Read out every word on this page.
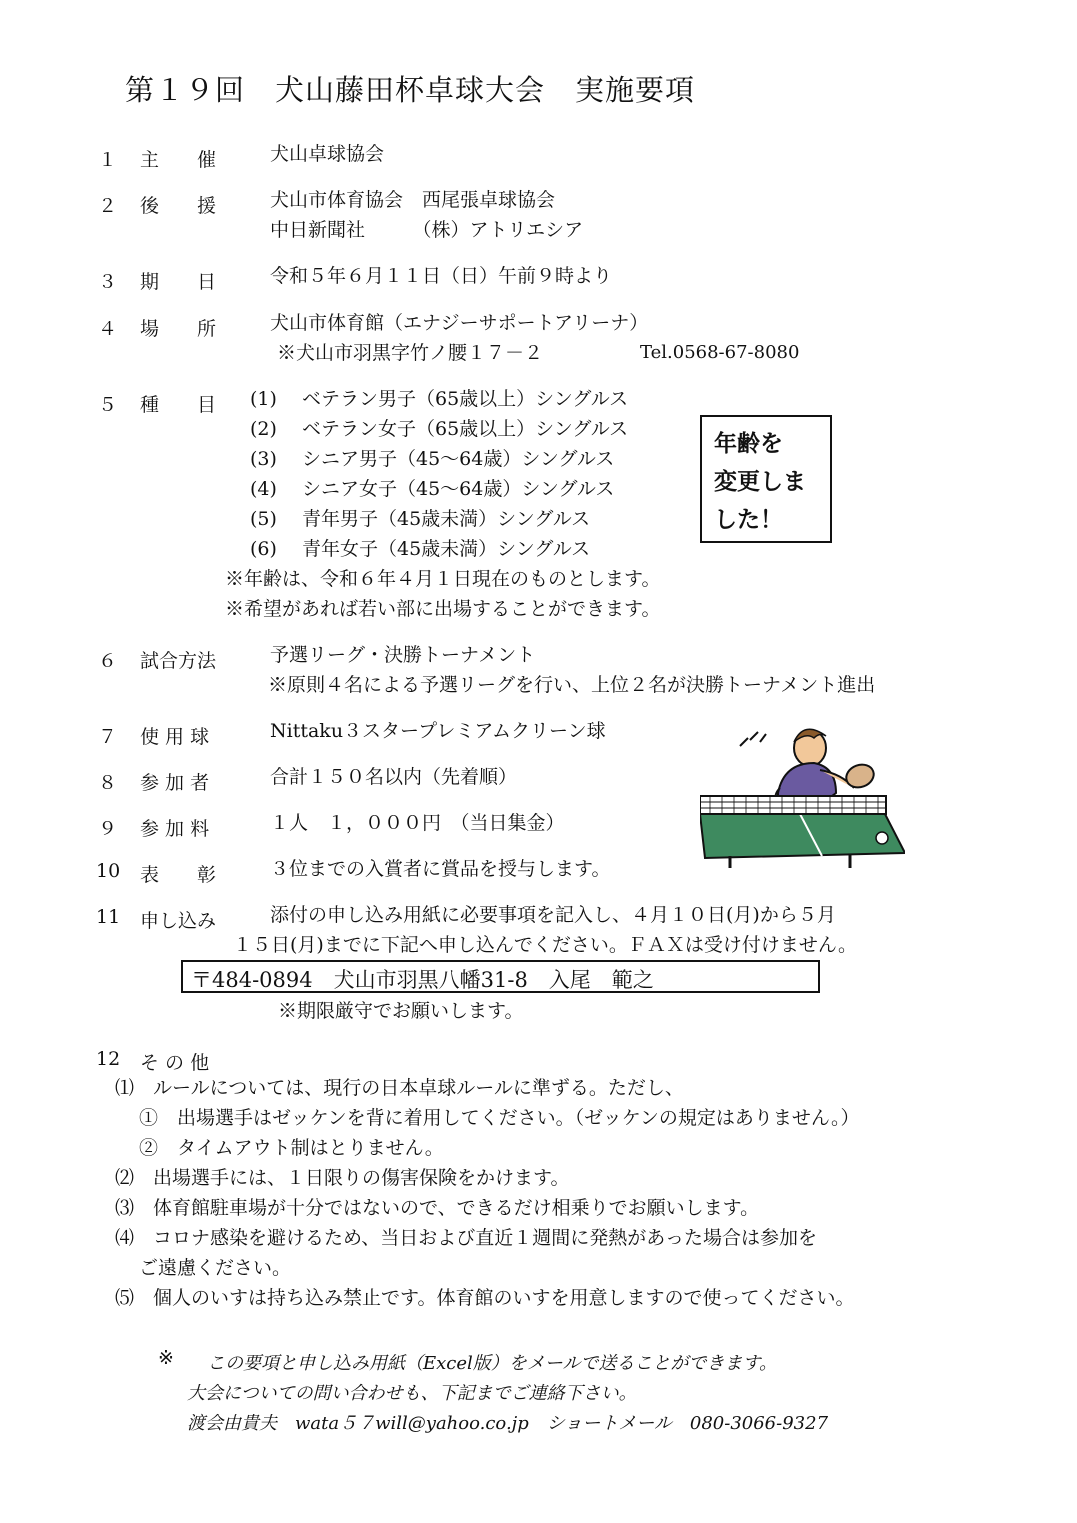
第１９回　犬山藤田杯卓球大会　実施要項
１ 主　　催	犬山卓球協会
２ 後　　援	犬山市体育協会　西尾張卓球協会
中日新聞社　　　（株）アトリエシア
３ 期　　日	令和５年６月１１日（日）午前９時より
４ 場　　所	犬山市体育館（エナジーサポートアリーナ）
※犬山市羽黒字竹ノ腰１７－２	Tel.0568-67-8080
５ 種　　目 (1) ベテラン男子（65歳以上）シングルス
(2) ベテラン女子（65歳以上）シングルス
(3) シニア男子（45～64歳）シングルス
(4) シニア女子（45～64歳）シングルス
(5) 青年男子（45歳未満）シングルス
(6) 青年女子（45歳未満）シングルス
※年齢は、令和６年４月１日現在のものとします。
※希望があれば若い部に出場することができます。
年齢を
変更しま
した！
６ 試合方法	予選リーグ・決勝トーナメント
※原則４名による予選リーグを行い、上位２名が決勝トーナメント進出
７ 使 用 球	Nittaku３スタープレミアムクリーン球
８ 参 加 者	合計１５０名以内（先着順）
９ 参 加 料	１人　１，０００円　（当日集金）
10 表　　彰	３位までの入賞者に賞品を授与します。
11 申し込み	添付の申し込み用紙に必要事項を記入し、４月１０日(月)から５月
１５日(月)までに下記へ申し込んでください。ＦＡＸは受け付けません。
〒484-0894　犬山市羽黒八幡31-8　入尾　範之
※期限厳守でお願いします。
12 そ の 他
⑴　ルールについては、現行の日本卓球ルールに準ずる。ただし、
①　出場選手はゼッケンを背に着用してください。（ゼッケンの規定はありません。）
②　タイムアウト制はとりません。
⑵　出場選手には、１日限りの傷害保険をかけます。
⑶　体育館駐車場が十分ではないので、できるだけ相乗りでお願いします。
⑷　コロナ感染を避けるため、当日および直近１週間に発熱があった場合は参加を
ご遠慮ください。
⑸　個人のいすは持ち込み禁止です。体育館のいすを用意しますので使ってください。
※ この要項と申し込み用紙（Excel版）をメールで送ることができます。
大会についての問い合わせも、下記までご連絡下さい。
渡会由貴夫　wata５７will@yahoo.co.jp　ショートメール　080-3066-9327
